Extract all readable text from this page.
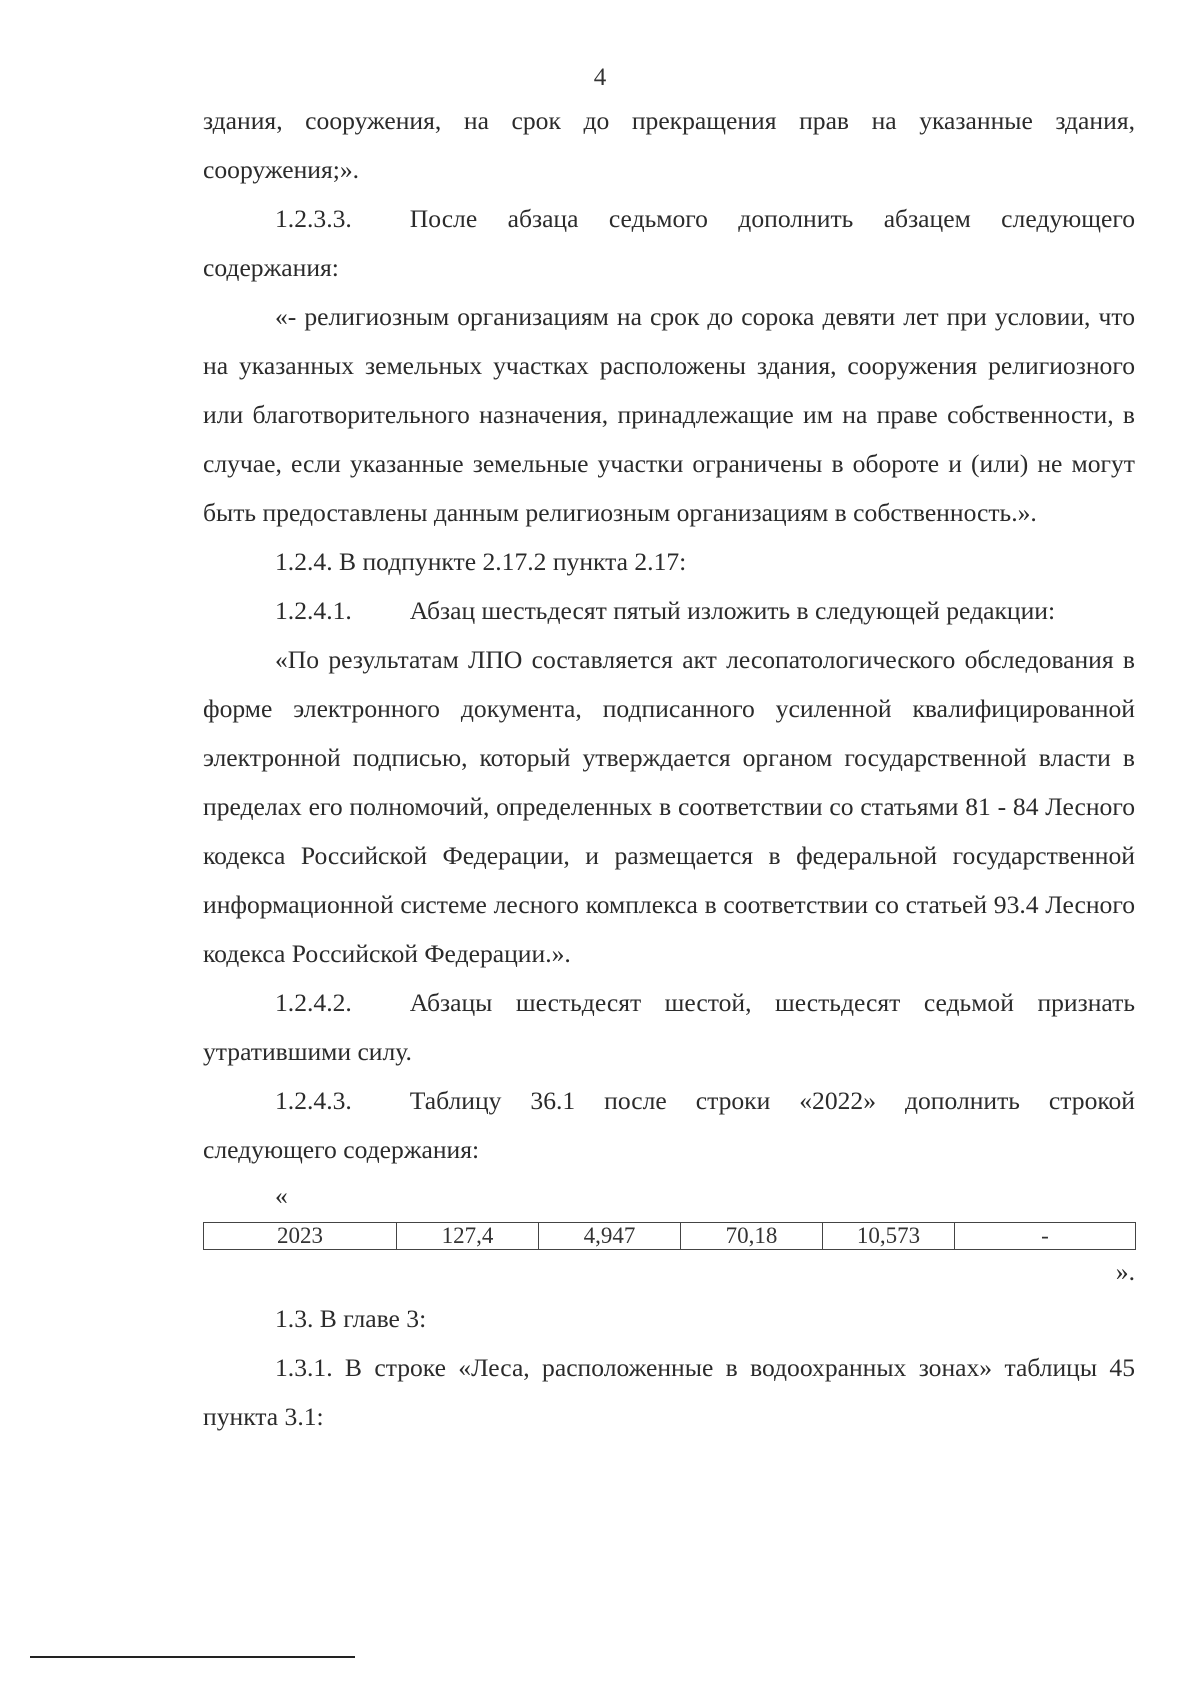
4

здания, сооружения, на срок до прекращения прав на указанные здания, сооружения;».

1.2.3.3. После абзаца седьмого дополнить абзацем следующего содержания:

«- религиозным организациям на срок до сорока девяти лет при условии, что на указанных земельных участках расположены здания, сооружения религиозного или благотворительного назначения, принадлежащие им на праве собственности, в случае, если указанные земельные участки ограничены в обороте и (или) не могут быть предоставлены данным религиозным организациям в собственность.».

1.2.4. В подпункте 2.17.2 пункта 2.17:

1.2.4.1. Абзац шестьдесят пятый изложить в следующей редакции:

«По результатам ЛПО составляется акт лесопатологического обследования в форме электронного документа, подписанного усиленной квалифицированной электронной подписью, который утверждается органом государственной власти в пределах его полномочий, определенных в соответствии со статьями 81 - 84 Лесного кодекса Российской Федерации, и размещается в федеральной государственной информационной системе лесного комплекса в соответствии со статьей 93.4 Лесного кодекса Российской Федерации.».

1.2.4.2. Абзацы шестьдесят шестой, шестьдесят седьмой признать утратившими силу.

1.2.4.3. Таблицу 36.1 после строки «2022» дополнить строкой следующего содержания:

«

2023	127,4	4,947	70,18	10,573	-

».

1.3. В главе 3:

1.3.1. В строке «Леса, расположенные в водоохранных зонах» таблицы 45 пункта 3.1:
